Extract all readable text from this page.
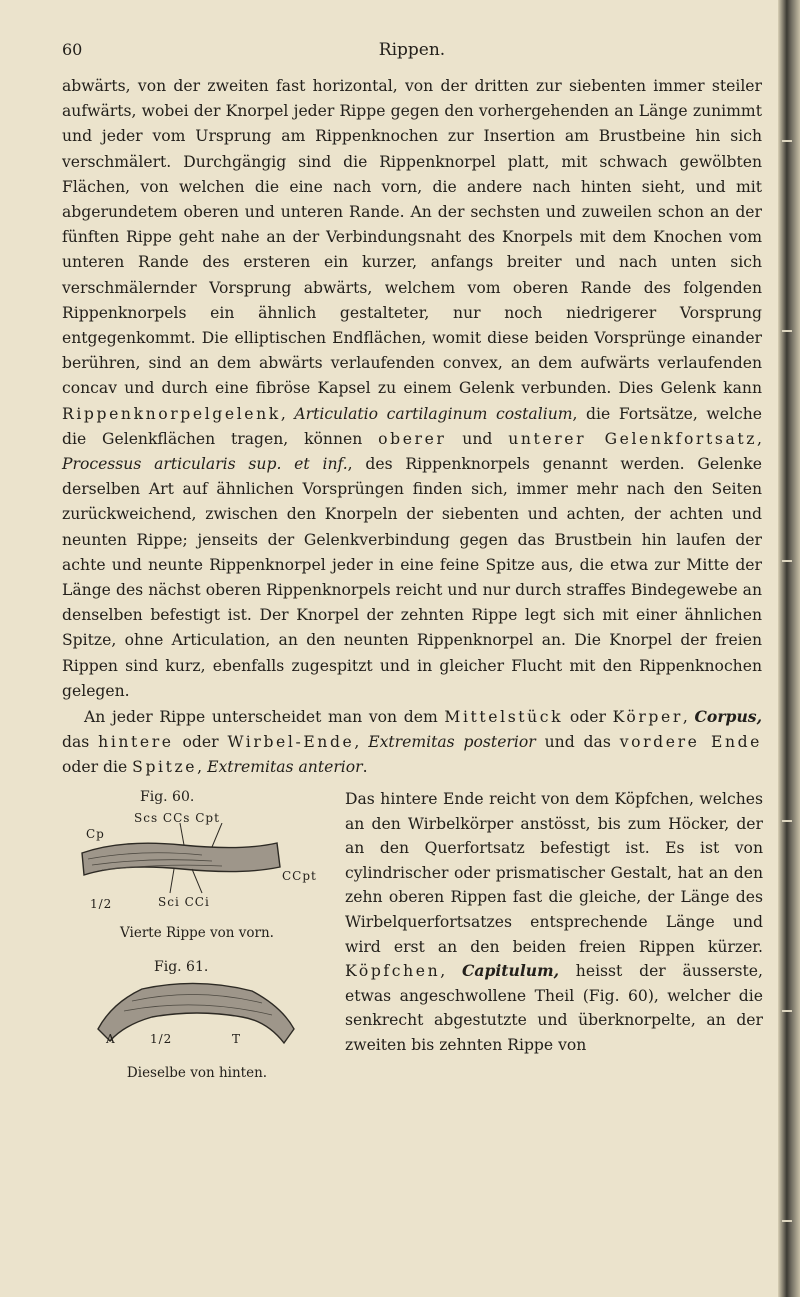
60	Rippen.

abwärts, von der zweiten fast horizontal, von der dritten zur siebenten immer steiler aufwärts, wobei der Knorpel jeder Rippe gegen den vorhergehenden an Länge zunimmt und jeder vom Ursprung am Rippenknochen zur Insertion am Brustbeine hin sich verschmälert. Durchgängig sind die Rippenknorpel platt, mit schwach gewölbten Flächen, von welchen die eine nach vorn, die andere nach hinten sieht, und mit abgerundetem oberen und unteren Rande. An der sechsten und zuweilen schon an der fünften Rippe geht nahe an der Verbindungsnaht des Knorpels mit dem Knochen vom unteren Rande des ersteren ein kurzer, anfangs breiter und nach unten sich verschmälernder Vorsprung abwärts, welchem vom oberen Rande des folgenden Rippenknorpels ein ähnlich gestalteter, nur noch niedrigerer Vorsprung entgegenkommt. Die elliptischen Endflächen, womit diese beiden Vorsprünge einander berühren, sind an dem abwärts verlaufenden convex, an dem aufwärts verlaufenden concav und durch eine fibröse Kapsel zu einem Gelenk verbunden. Dies Gelenk kann Rippenknorpelgelenk, Articulatio cartilaginum costalium, die Fortsätze, welche die Gelenkflächen tragen, können oberer und unterer Gelenkfortsatz, Processus articularis sup. et inf., des Rippenknorpels genannt werden. Gelenke derselben Art auf ähnlichen Vorsprüngen finden sich, immer mehr nach den Seiten zurückweichend, zwischen den Knorpeln der siebenten und achten, der achten und neunten Rippe; jenseits der Gelenkverbindung gegen das Brustbein hin laufen der achte und neunte Rippenknorpel jeder in eine feine Spitze aus, die etwa zur Mitte der Länge des nächst oberen Rippenknorpels reicht und nur durch straffes Bindegewebe an denselben befestigt ist. Der Knorpel der zehnten Rippe legt sich mit einer ähnlichen Spitze, ohne Articulation, an den neunten Rippenknorpel an. Die Knorpel der freien Rippen sind kurz, ebenfalls zugespitzt und in gleicher Flucht mit den Rippenknochen gelegen.

An jeder Rippe unterscheidet man von dem Mittelstück oder Körper, Corpus, das hintere oder Wirbel-Ende, Extremitas posterior und das vordere Ende oder die Spitze, Extremitas anterior.

Fig. 60.
Scs CCs Cpt
Cp
CCpt
Sci CCi
1/2
Vierte Rippe von vorn.
Fig. 61.
A	1/2	T
Dieselbe von hinten.

Das hintere Ende reicht von dem Köpfchen, welches an den Wirbelkörper anstösst, bis zum Höcker, der an den Querfortsatz befestigt ist. Es ist von cylindrischer oder prismatischer Gestalt, hat an den zehn oberen Rippen fast die gleiche, der Länge des Wirbelquerfortsatzes entsprechende Länge und wird erst an den beiden freien Rippen kürzer. Köpfchen, Capitulum, heisst der äusserste, etwas angeschwollene Theil (Fig. 60), welcher die senkrecht abgestutzte und überknorpelte, an der zweiten bis zehnten Rippe von
